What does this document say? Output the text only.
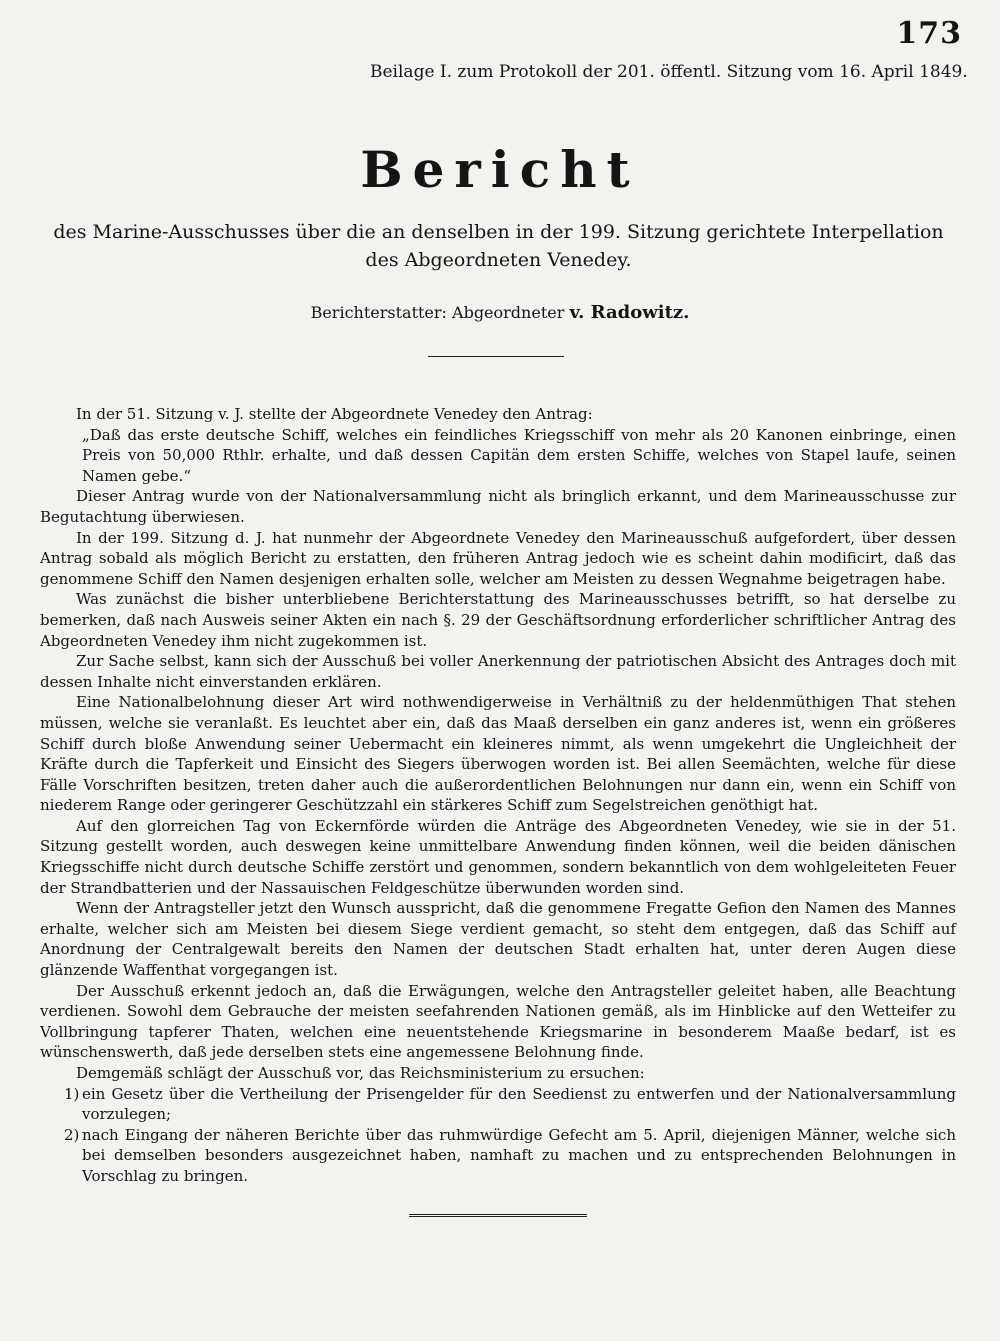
173
Beilage I. zum Protokoll der 201. öffentl. Sitzung vom 16. April 1849.
Bericht
des Marine-Ausschusses über die an denselben in der 199. Sitzung gerichtete Interpellation
des Abgeordneten Venedey.
Berichterstatter: Abgeordneter v. Radowitz.

In der 51. Sitzung v. J. stellte der Abgeordnete Venedey den Antrag:

„Daß das erste deutsche Schiff, welches ein feindliches Kriegsschiff von mehr als 20 Kanonen einbringe, einen Preis von 50,000 Rthlr. erhalte, und daß dessen Capitän dem ersten Schiffe, welches von Stapel laufe, seinen Namen gebe.“

Dieser Antrag wurde von der Nationalversammlung nicht als bringlich erkannt, und dem Marineausschusse zur Begutachtung überwiesen.

In der 199. Sitzung d. J. hat nunmehr der Abgeordnete Venedey den Marineausschuß aufgefordert, über dessen Antrag sobald als möglich Bericht zu erstatten, den früheren Antrag jedoch wie es scheint dahin modificirt, daß das genommene Schiff den Namen desjenigen erhalten solle, welcher am Meisten zu dessen Wegnahme beigetragen habe.

Was zunächst die bisher unterbliebene Berichterstattung des Marineausschusses betrifft, so hat derselbe zu bemerken, daß nach Ausweis seiner Akten ein nach §. 29 der Geschäftsordnung erforderlicher schriftlicher Antrag des Abgeordneten Venedey ihm nicht zugekommen ist.

Zur Sache selbst, kann sich der Ausschuß bei voller Anerkennung der patriotischen Absicht des Antrages doch mit dessen Inhalte nicht einverstanden erklären.

Eine Nationalbelohnung dieser Art wird nothwendigerweise in Verhältniß zu der heldenmüthigen That stehen müssen, welche sie veranlaßt. Es leuchtet aber ein, daß das Maaß derselben ein ganz anderes ist, wenn ein größeres Schiff durch bloße Anwendung seiner Uebermacht ein kleineres nimmt, als wenn umgekehrt die Ungleichheit der Kräfte durch die Tapferkeit und Einsicht des Siegers überwogen worden ist. Bei allen Seemächten, welche für diese Fälle Vorschriften besitzen, treten daher auch die außerordentlichen Belohnungen nur dann ein, wenn ein Schiff von niederem Range oder geringerer Geschützzahl ein stärkeres Schiff zum Segelstreichen genöthigt hat.

Auf den glorreichen Tag von Eckernförde würden die Anträge des Abgeordneten Venedey, wie sie in der 51. Sitzung gestellt worden, auch deswegen keine unmittelbare Anwendung finden können, weil die beiden dänischen Kriegsschiffe nicht durch deutsche Schiffe zerstört und genommen, sondern bekanntlich von dem wohlgeleiteten Feuer der Strandbatterien und der Nassauischen Feldgeschütze überwunden worden sind.

Wenn der Antragsteller jetzt den Wunsch ausspricht, daß die genommene Fregatte Gefion den Namen des Mannes erhalte, welcher sich am Meisten bei diesem Siege verdient gemacht, so steht dem entgegen, daß das Schiff auf Anordnung der Centralgewalt bereits den Namen der deutschen Stadt erhalten hat, unter deren Augen diese glänzende Waffenthat vorgegangen ist.

Der Ausschuß erkennt jedoch an, daß die Erwägungen, welche den Antragsteller geleitet haben, alle Beachtung verdienen. Sowohl dem Gebrauche der meisten seefahrenden Nationen gemäß, als im Hinblicke auf den Wetteifer zu Vollbringung tapferer Thaten, welchen eine neuentstehende Kriegsmarine in besonderem Maaße bedarf, ist es wünschenswerth, daß jede derselben stets eine angemessene Belohnung finde.

Demgemäß schlägt der Ausschuß vor, das Reichsministerium zu ersuchen:

1) ein Gesetz über die Vertheilung der Prisengelder für den Seedienst zu entwerfen und der Nationalversammlung vorzulegen;

2) nach Eingang der näheren Berichte über das ruhmwürdige Gefecht am 5. April, diejenigen Männer, welche sich bei demselben besonders ausgezeichnet haben, namhaft zu machen und zu entsprechenden Belohnungen in Vorschlag zu bringen.
